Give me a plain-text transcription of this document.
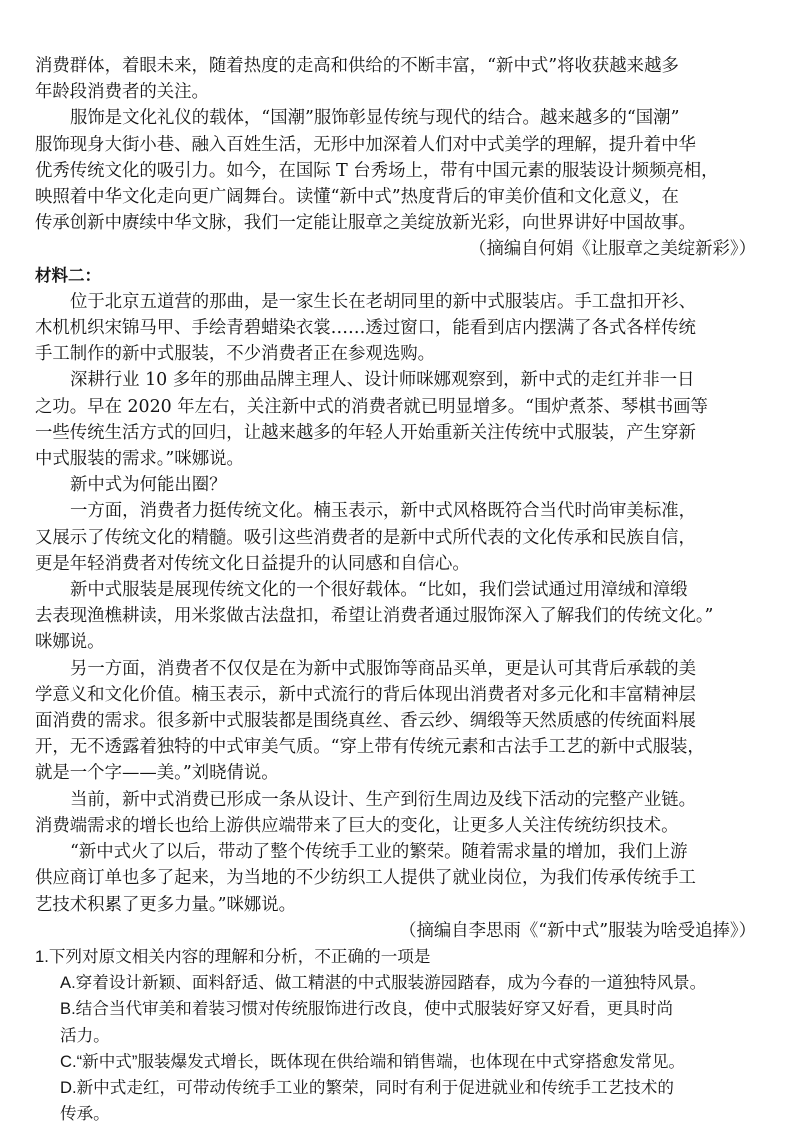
消费群体，着眼未来，随着热度的走高和供给的不断丰富，“新中式”将收获越来越多
年龄段消费者的关注。

服饰是文化礼仪的载体，“国潮”服饰彰显传统与现代的结合。越来越多的“国潮”
服饰现身大街小巷、融入百姓生活，无形中加深着人们对中式美学的理解，提升着中华
优秀传统文化的吸引力。如今，在国际 T 台秀场上，带有中国元素的服装设计频频亮相，
映照着中华文化走向更广阔舞台。读懂“新中式”热度背后的审美价值和文化意义，在
传承创新中赓续中华文脉，我们一定能让服章之美绽放新光彩，向世界讲好中国故事。

（摘编自何娟《让服章之美绽新彩》）

材料二：

位于北京五道营的那曲，是一家生长在老胡同里的新中式服装店。手工盘扣开衫、
木机机织宋锦马甲、手绘青碧蜡染衣裳……透过窗口，能看到店内摆满了各式各样传统
手工制作的新中式服装，不少消费者正在参观选购。

深耕行业 10 多年的那曲品牌主理人、设计师咪娜观察到，新中式的走红并非一日
之功。早在 2020 年左右，关注新中式的消费者就已明显增多。“围炉煮茶、琴棋书画等
一些传统生活方式的回归，让越来越多的年轻人开始重新关注传统中式服装，产生穿新
中式服装的需求。”咪娜说。

新中式为何能出圈？

一方面，消费者力挺传统文化。楠玉表示，新中式风格既符合当代时尚审美标准，
又展示了传统文化的精髓。吸引这些消费者的是新中式所代表的文化传承和民族自信，
更是年轻消费者对传统文化日益提升的认同感和自信心。

新中式服装是展现传统文化的一个很好载体。“比如，我们尝试通过用漳绒和漳缎
去表现渔樵耕读，用米浆做古法盘扣，希望让消费者通过服饰深入了解我们的传统文化。”
咪娜说。

另一方面，消费者不仅仅是在为新中式服饰等商品买单，更是认可其背后承载的美
学意义和文化价值。楠玉表示，新中式流行的背后体现出消费者对多元化和丰富精神层
面消费的需求。很多新中式服装都是围绕真丝、香云纱、绸缎等天然质感的传统面料展
开，无不透露着独特的中式审美气质。“穿上带有传统元素和古法手工艺的新中式服装，
就是一个字——美。”刘晓倩说。

当前，新中式消费已形成一条从设计、生产到衍生周边及线下活动的完整产业链。
消费端需求的增长也给上游供应端带来了巨大的变化，让更多人关注传统纺织技术。

“新中式火了以后，带动了整个传统手工业的繁荣。随着需求量的增加，我们上游
供应商订单也多了起来，为当地的不少纺织工人提供了就业岗位，为我们传承传统手工
艺技术积累了更多力量。”咪娜说。

（摘编自李思雨《“新中式”服装为啥受追捧》）

1.下列对原文相关内容的理解和分析，不正确的一项是

A.穿着设计新颖、面料舒适、做工精湛的中式服装游园踏春，成为今春的一道独特风景。

B.结合当代审美和着装习惯对传统服饰进行改良，使中式服装好穿又好看，更具时尚
活力。

C.“新中式”服装爆发式增长，既体现在供给端和销售端，也体现在中式穿搭愈发常见。

D.新中式走红，可带动传统手工业的繁荣，同时有利于促进就业和传统手工艺技术的
传承。
